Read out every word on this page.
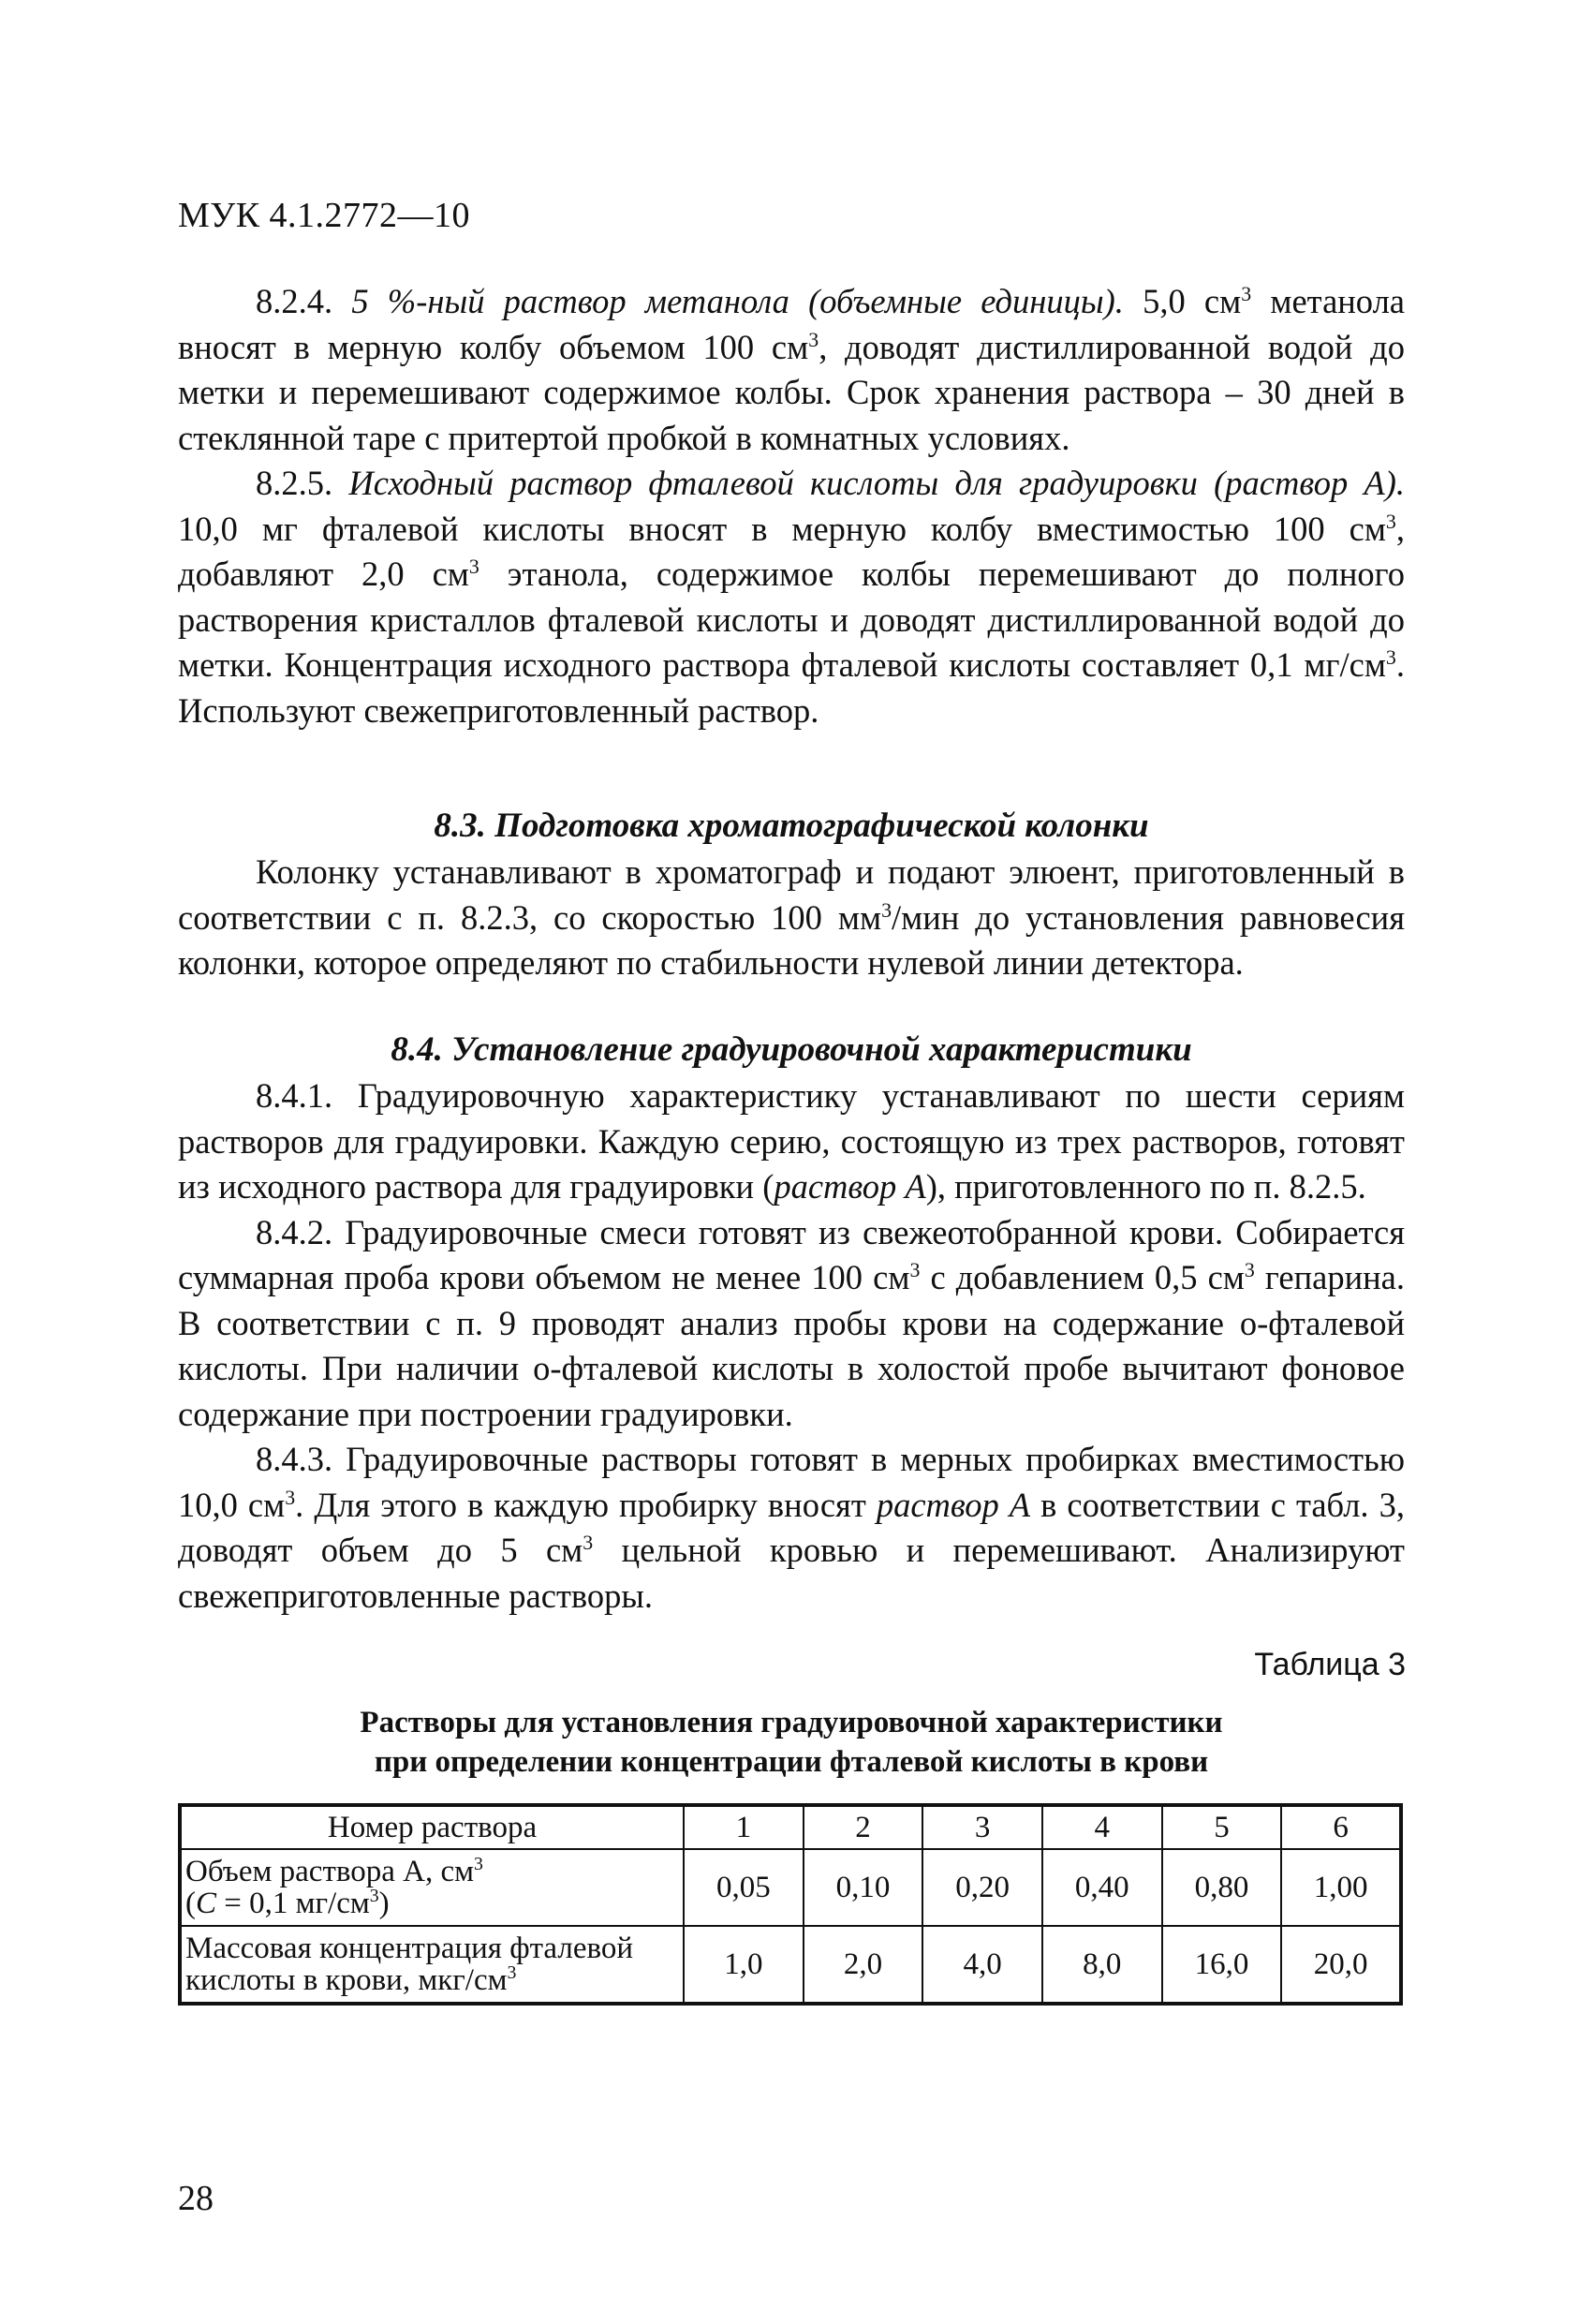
МУК 4.1.2772—10

8.2.4. 5 %-ный раствор метанола (объемные единицы). 5,0 $см^3$ метанола вносят в мерную колбу объемом 100 $см^3$, доводят дистиллированной водой до метки и перемешивают содержимое колбы. Срок хранения раствора – 30 дней в стеклянной таре с притертой пробкой в комнатных условиях.

8.2.5. Исходный раствор фталевой кислоты для градуировки (раствор А). 10,0 мг фталевой кислоты вносят в мерную колбу вместимостью 100 $см^3$, добавляют 2,0 $см^3$ этанола, содержимое колбы перемешивают до полного растворения кристаллов фталевой кислоты и доводят дистиллированной водой до метки. Концентрация исходного раствора фталевой кислоты составляет 0,1 $мг/см^3$. Используют свежеприготовленный раствор.

8.3. Подготовка хроматографической колонки

Колонку устанавливают в хроматограф и подают элюент, приготовленный в соответствии с п. 8.2.3, со скоростью 100 $мм^3$/мин до установления равновесия колонки, которое определяют по стабильности нулевой линии детектора.

8.4. Установление градуировочной характеристики

8.4.1. Градуировочную характеристику устанавливают по шести сериям растворов для градуировки. Каждую серию, состоящую из трех растворов, готовят из исходного раствора для градуировки (раствор А), приготовленного по п. 8.2.5.

8.4.2. Градуировочные смеси готовят из свежеотобранной крови. Собирается суммарная проба крови объемом не менее 100 $см^3$ с добавлением 0,5 $см^3$ гепарина. В соответствии с п. 9 проводят анализ пробы крови на содержание о-фталевой кислоты. При наличии о-фталевой кислоты в холостой пробе вычитают фоновое содержание при построении градуировки.

8.4.3. Градуировочные растворы готовят в мерных пробирках вместимостью 10,0 $см^3$. Для этого в каждую пробирку вносят раствор А в соответствии с табл. 3, доводят объем до 5 $см^3$ цельной кровью и перемешивают. Анализируют свежеприготовленные растворы.

Таблица 3
Растворы для установления градуировочной характеристики
при определении концентрации фталевой кислоты в крови
Номер раствора	1	2	3	4	5	6
Объем раствора А, $см^3$
(С = 0,1 $мг/см^3$)	0,05	0,10	0,20	0,40	0,80	1,00
Массовая концентрация фталевой кислоты в крови, мкг/$см^3$	1,0	2,0	4,0	8,0	16,0	20,0
28
